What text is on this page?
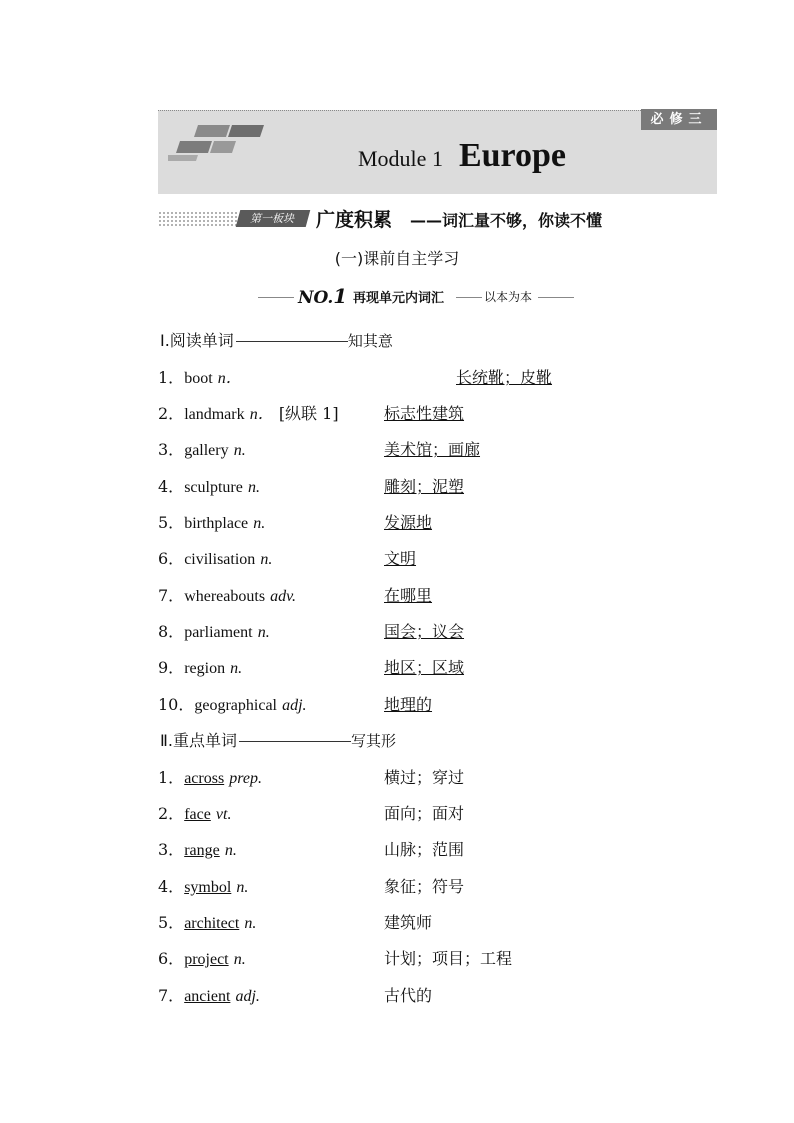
必修三
Module 1 Europe
第一板块	广度积累 ——词汇量不够，你读不懂
(一)课前自主学习
NO.1 再现单元内词汇	以本为本
Ⅰ.阅读单词	知其意
1．boot n．	长统靴；皮靴
2．landmark n． [纵联 1]	标志性建筑
3．gallery n.	美术馆；画廊
4．sculpture n.	雕刻；泥塑
5．birthplace n.	发源地
6．civilisation n.	文明
7．whereabouts adv.	在哪里
8．parliament n.	国会；议会
9．region n.	地区；区域
10．geographical adj.	地理的
Ⅱ.重点单词	写其形
1．across prep.	横过；穿过
2．face vt.	面向；面对
3．range n.	山脉；范围
4．symbol n.	象征；符号
5．architect n.	建筑师
6．project n.	计划；项目；工程
7．ancient adj.	古代的
